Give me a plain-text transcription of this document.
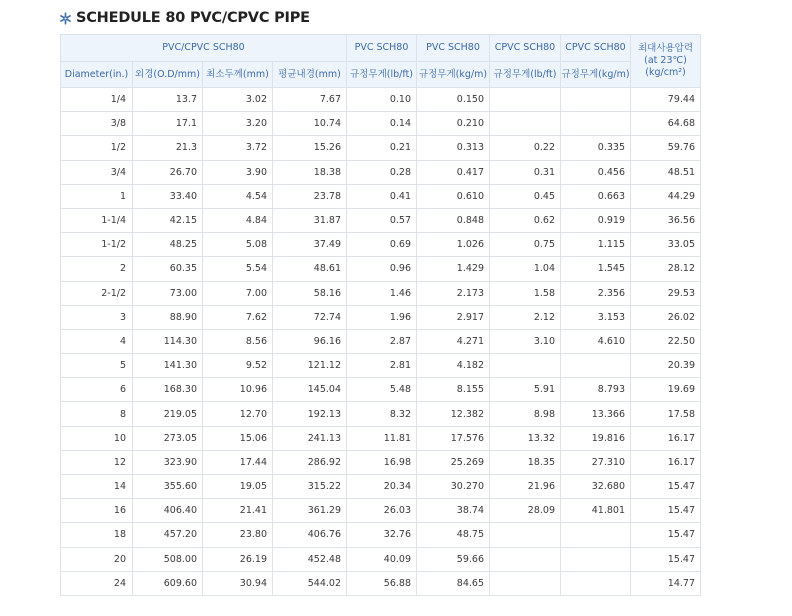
SCHEDULE 80 PVC/CPVC PIPE
PVC/CPVC SCH80				PVC SCH80	PVC SCH80	CPVC SCH80	CPVC SCH80	최대사용압력
(at 23℃)
(kg/cm²)

Diameter(in.)	외경(O.D/mm)	최소두께(mm)	평균내경(mm)	규정무게(lb/ft)	규정무게(kg/m)	규정무게(lb/ft)	규정무게(kg/m)	
1/4	13.7	3.02	7.67	0.10	0.150			79.44
3/8	17.1	3.20	10.74	0.14	0.210			64.68
1/2	21.3	3.72	15.26	0.21	0.313	0.22	0.335	59.76
3/4	26.70	3.90	18.38	0.28	0.417	0.31	0.456	48.51
1	33.40	4.54	23.78	0.41	0.610	0.45	0.663	44.29
1-1/4	42.15	4.84	31.87	0.57	0.848	0.62	0.919	36.56
1-1/2	48.25	5.08	37.49	0.69	1.026	0.75	1.115	33.05
2	60.35	5.54	48.61	0.96	1.429	1.04	1.545	28.12
2-1/2	73.00	7.00	58.16	1.46	2.173	1.58	2.356	29.53
3	88.90	7.62	72.74	1.96	2.917	2.12	3.153	26.02
4	114.30	8.56	96.16	2.87	4.271	3.10	4.610	22.50
5	141.30	9.52	121.12	2.81	4.182			20.39
6	168.30	10.96	145.04	5.48	8.155	5.91	8.793	19.69
8	219.05	12.70	192.13	8.32	12.382	8.98	13.366	17.58
10	273.05	15.06	241.13	11.81	17.576	13.32	19.816	16.17
12	323.90	17.44	286.92	16.98	25.269	18.35	27.310	16.17
14	355.60	19.05	315.22	20.34	30.270	21.96	32.680	15.47
16	406.40	21.41	361.29	26.03	38.74	28.09	41.801	15.47
18	457.20	23.80	406.76	32.76	48.75			15.47
20	508.00	26.19	452.48	40.09	59.66			15.47
24	609.60	30.94	544.02	56.88	84.65			14.77
